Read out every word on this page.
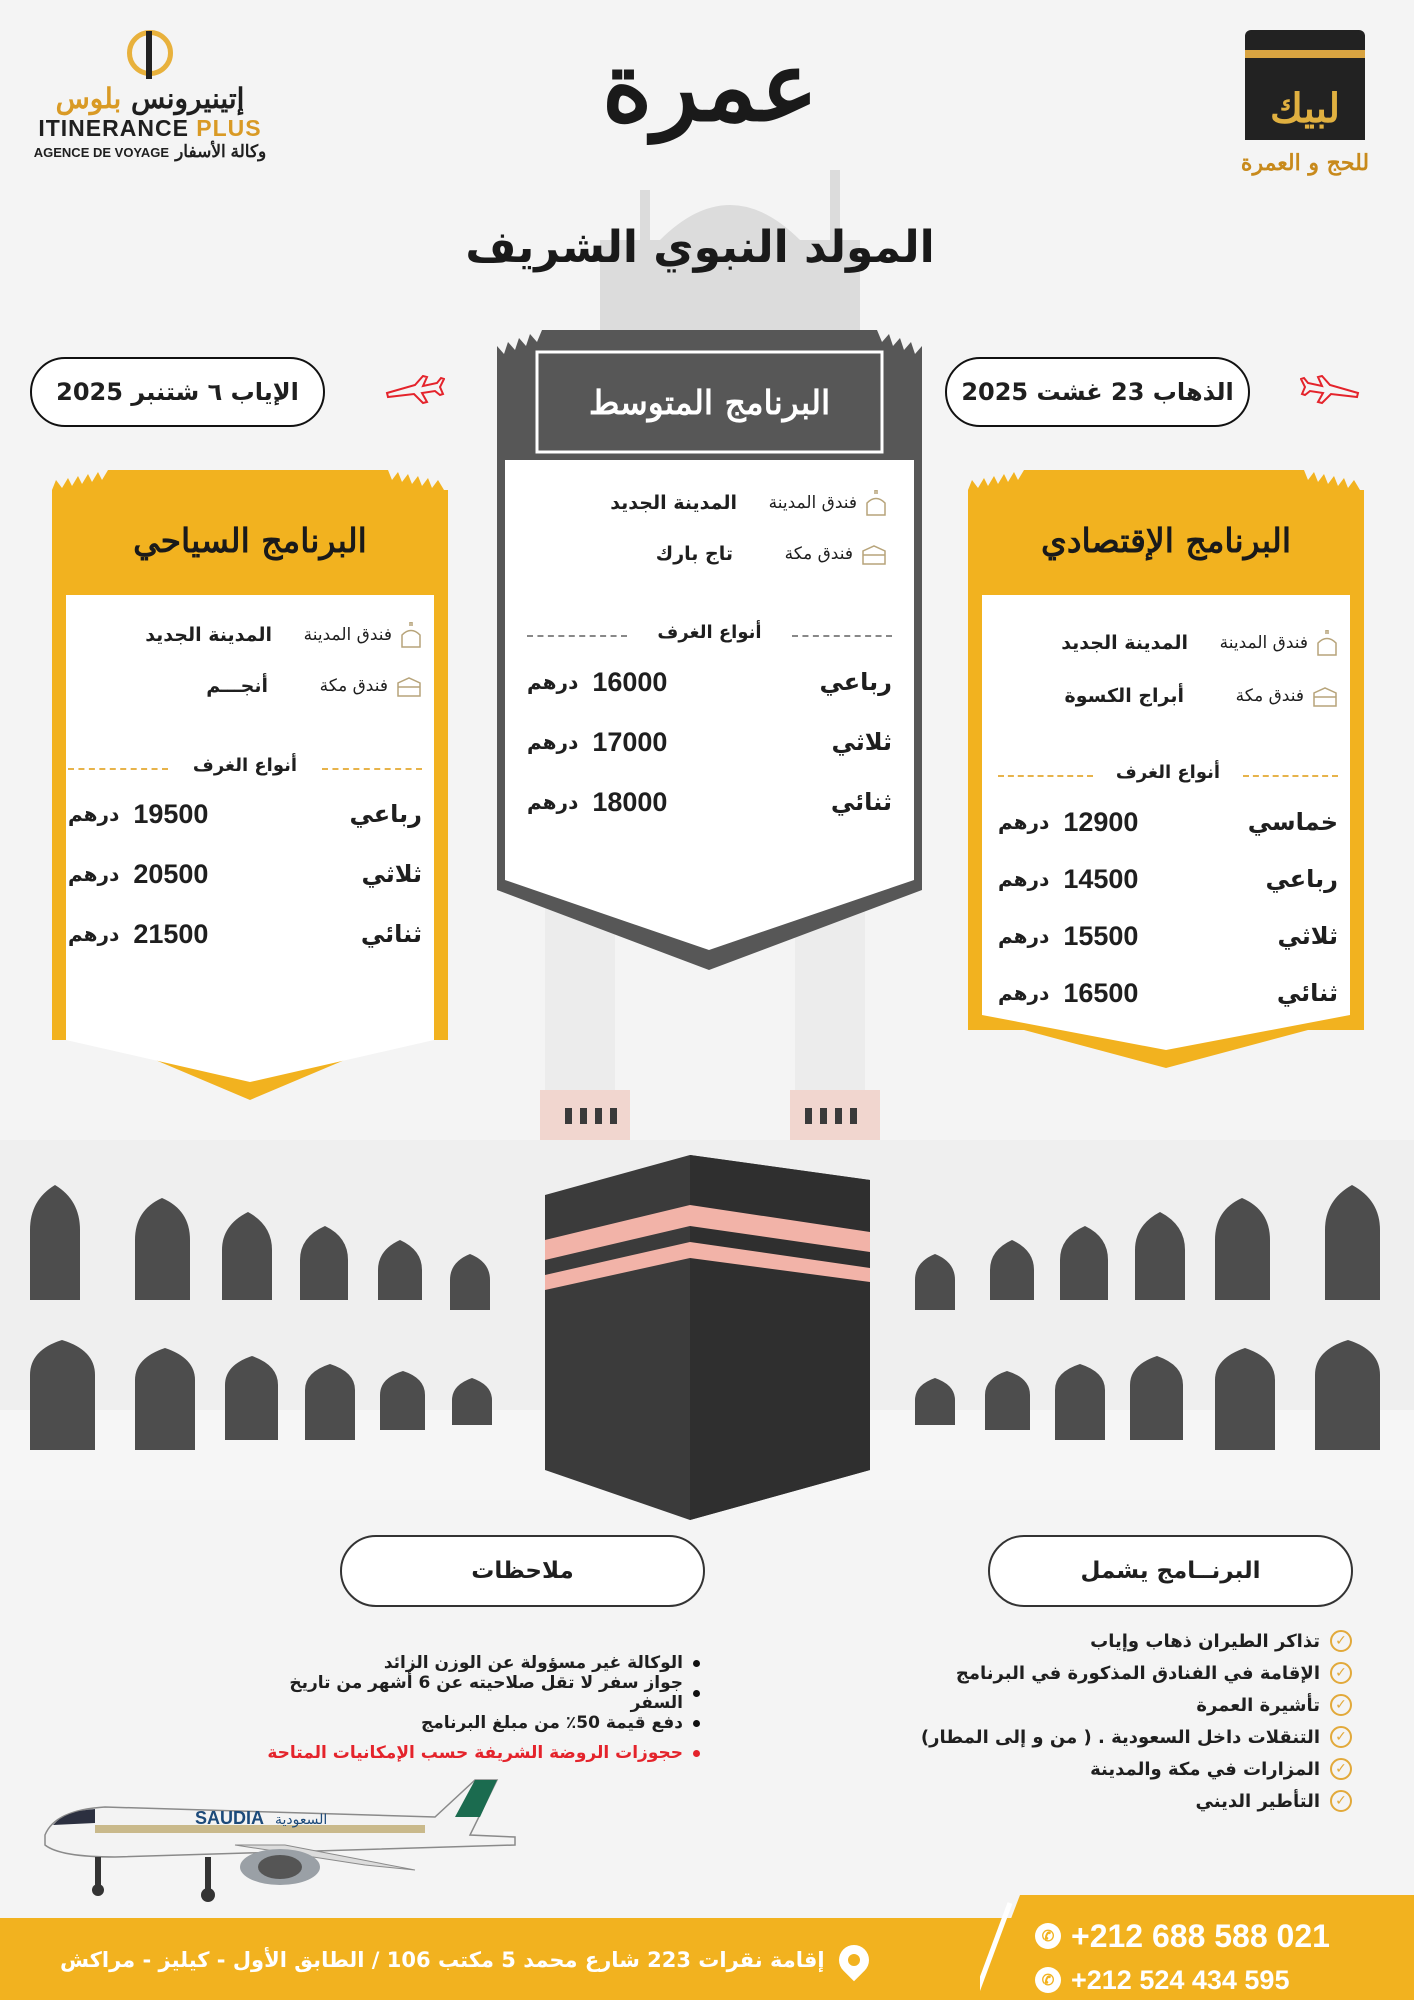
إتينيرونس بلوس
ITINERANCE PLUS
AGENCE DE VOYAGE وكالة الأسفار
لبيك
للحج و العمرة
عمرة
المولد النبوي الشريف
الذهاب 23 غشت 2025
الإياب ٦ شتنبر 2025
البرنامج الإقتصادي
فندق المدينة
المدينة الجديد
فندق مكة
أبراج الكسوة
أنواع الغرف
خماسي
درهم 12900
رباعي
درهم 14500
ثلاثي
درهم 15500
ثنائي
درهم 16500
البرنامج المتوسط
فندق المدينة
المدينة الجديد
فندق مكة
تاج بارك
أنواع الغرف
رباعي
درهم 16000
ثلاثي
درهم 17000
ثنائي
درهم 18000
البرنامج السياحي
فندق المدينة
المدينة الجديد
فندق مكة
أنجـــم
أنواع الغرف
رباعي
درهم 19500
ثلاثي
درهم 20500
ثنائي
درهم 21500
البرنــامج يشمل
ملاحظات
✓
تذاكر الطيران ذهاب وإياب
✓
الإقامة في الفنادق المذكورة في البرنامج
✓
تأشيرة العمرة
✓
التنقلات داخل السعودية . ( من و إلى المطار)
✓
المزارات في مكة والمدينة
✓
التأطير الديني
الوكالة غير مسؤولة عن الوزن الزائد
جواز سفر لا تقل صلاحيته عن 6 أشهر من تاريخ السفر
دفع قيمة 50٪ من مبلغ البرنامج
حجوزات الروضة الشريفة حسب الإمكانيات المتاحة
SAUDIA السعودية
إقامة نقرات 223 شارع محمد 5 مكتب 106 / الطابق الأول - كيليز - مراكش
✆ +212 688 588 021
✆ +212 524 434 595
